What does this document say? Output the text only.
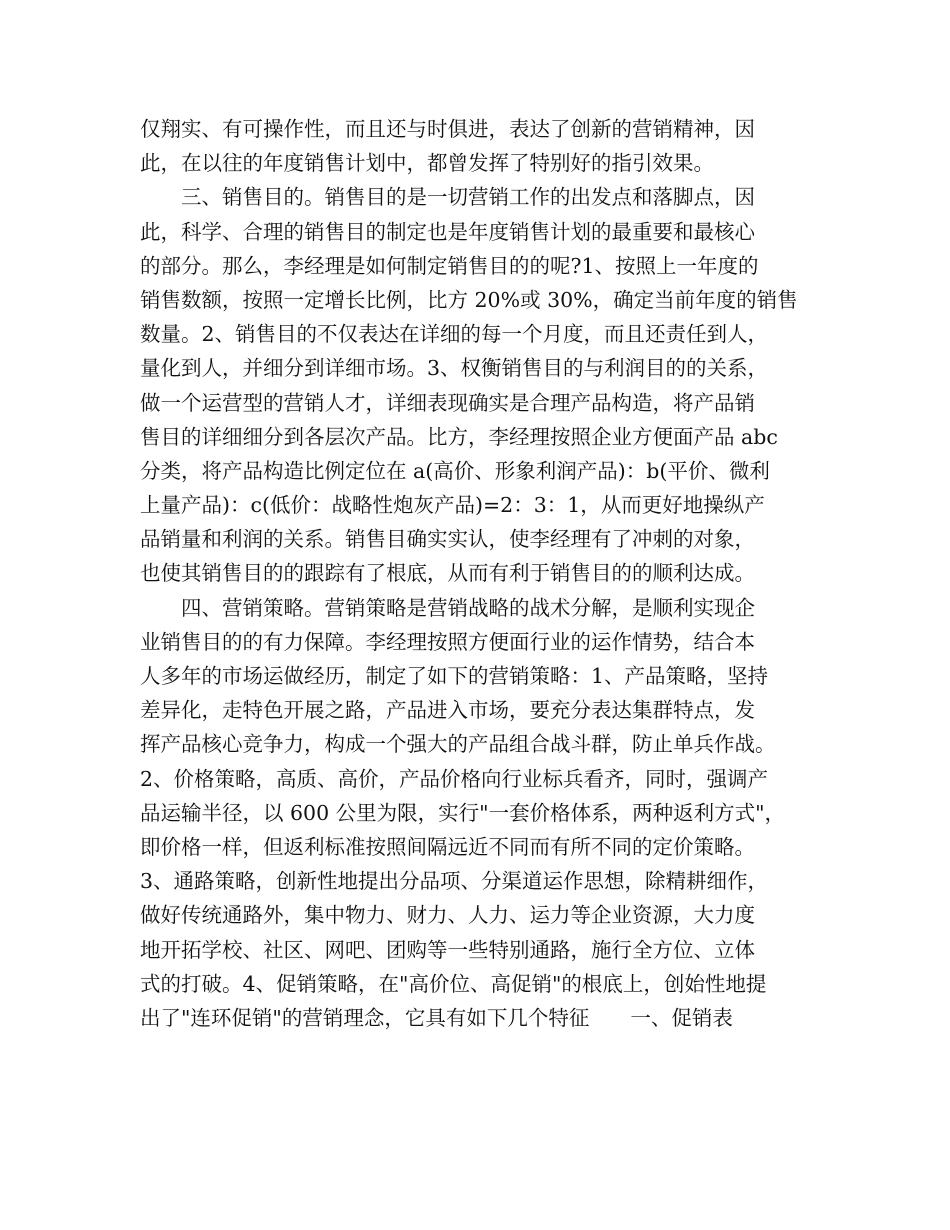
仅翔实、有可操作性，而且还与时俱进，表达了创新的营销精神，因
此，在以往的年度销售计划中，都曾发挥了特别好的指引效果。
　　三、销售目的。销售目的是一切营销工作的出发点和落脚点，因
此，科学、合理的销售目的制定也是年度销售计划的最重要和最核心
的部分。那么，李经理是如何制定销售目的的呢?1、按照上一年度的
销售数额，按照一定增长比例，比方 20%或 30%，确定当前年度的销售
数量。2、销售目的不仅表达在详细的每一个月度，而且还责任到人，
量化到人，并细分到详细市场。3、权衡销售目的与利润目的的关系，
做一个运营型的营销人才，详细表现确实是合理产品构造，将产品销
售目的详细细分到各层次产品。比方，李经理按照企业方便面产品 abc
分类，将产品构造比例定位在 a(高价、形象利润产品)：b(平价、微利
上量产品)：c(低价：战略性炮灰产品)=2：3：1，从而更好地操纵产
品销量和利润的关系。销售目确实实认，使李经理有了冲刺的对象，
也使其销售目的的跟踪有了根底，从而有利于销售目的的顺利达成。
　　四、营销策略。营销策略是营销战略的战术分解，是顺利实现企
业销售目的的有力保障。李经理按照方便面行业的运作情势，结合本
人多年的市场运做经历，制定了如下的营销策略：1、产品策略，坚持
差异化，走特色开展之路，产品进入市场，要充分表达集群特点，发
挥产品核心竞争力，构成一个强大的产品组合战斗群，防止单兵作战。
2、价格策略，高质、高价，产品价格向行业标兵看齐，同时，强调产
品运输半径，以 600 公里为限，实行"一套价格体系，两种返利方式"，
即价格一样，但返利标准按照间隔远近不同而有所不同的定价策略。
3、通路策略，创新性地提出分品项、分渠道运作思想，除精耕细作，
做好传统通路外，集中物力、财力、人力、运力等企业资源，大力度
地开拓学校、社区、网吧、团购等一些特别通路，施行全方位、立体
式的打破。4、促销策略，在"高价位、高促销"的根底上，创始性地提
出了"连环促销"的营销理念，它具有如下几个特征　　一、促销表
